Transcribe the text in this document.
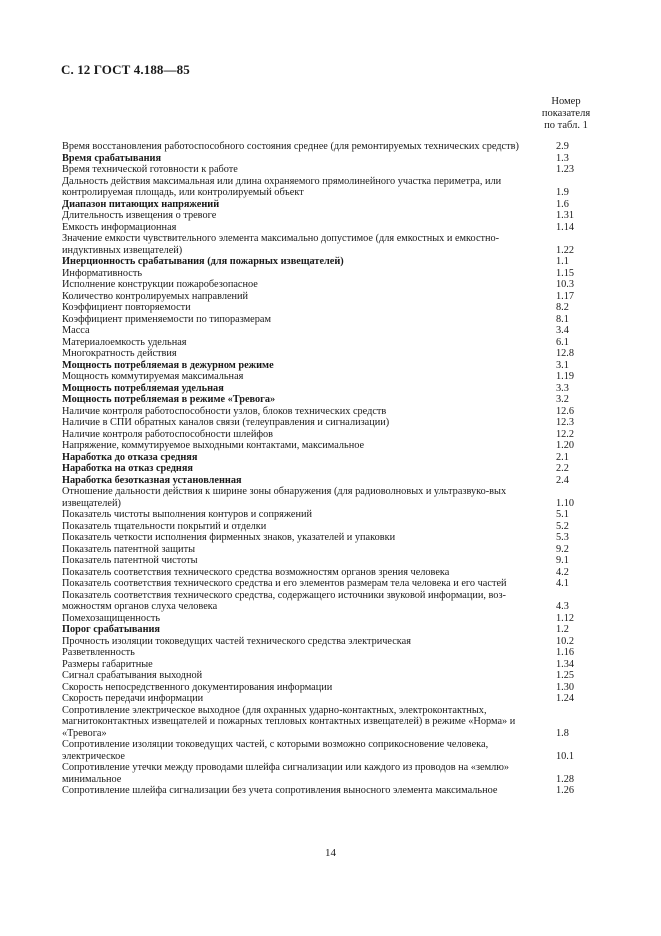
С. 12 ГОСТ 4.188—85
Номер
показателя
по табл. 1
Время восстановления работоспособного состояния среднее (для ремонтируемых технических средств)	2.9
Время срабатывания	1.3
Время технической готовности к работе	1.23
Дальность действия максимальная или длина охраняемого прямолинейного участка периметра, или контролируемая площадь, или контролируемый объект	1.9
Диапазон питающих напряжений	1.6
Длительность извещения о тревоге	1.31
Емкость информационная	1.14
Значение емкости чувствительного элемента максимально допустимое (для емкостных и емкостно-индуктивных извещателей)	1.22
Инерционность срабатывания (для пожарных извещателей)	1.1
Информативность	1.15
Исполнение конструкции пожаробезопасное	10.3
Количество контролируемых направлений	1.17
Коэффициент повторяемости	8.2
Коэффициент применяемости по типоразмерам	8.1
Масса	3.4
Материалоемкость удельная	6.1
Многократность действия	12.8
Мощность потребляемая в дежурном режиме	3.1
Мощность коммутируемая максимальная	1.19
Мощность потребляемая удельная	3.3
Мощность потребляемая в режиме «Тревога»	3.2
Наличие контроля работоспособности узлов, блоков технических средств	12.6
Наличие в СПИ обратных каналов связи (телеуправления и сигнализации)	12.3
Наличие контроля работоспособности шлейфов	12.2
Напряжение, коммутируемое выходными контактами, максимальное	1.20
Наработка до отказа средняя	2.1
Наработка на отказ средняя	2.2
Наработка безотказная установленная	2.4
Отношение дальности действия к ширине зоны обнаружения (для радиоволновых и ультразвуко-вых извещателей)	1.10
Показатель чистоты выполнения контуров и сопряжений	5.1
Показатель тщательности покрытий и отделки	5.2
Показатель четкости исполнения фирменных знаков, указателей и упаковки	5.3
Показатель патентной защиты	9.2
Показатель патентной чистоты	9.1
Показатель соответствия технического средства возможностям органов зрения человека	4.2
Показатель соответствия технического средства и его элементов размерам тела человека и его частей	4.1
Показатель соответствия технического средства, содержащего источники звуковой информации, воз-можностям органов слуха человека	4.3
Помехозащищенность	1.12
Порог срабатывания	1.2
Прочность изоляции токоведущих частей технического средства электрическая	10.2
Разветвленность	1.16
Размеры габаритные	1.34
Сигнал срабатывания выходной	1.25
Скорость непосредственного документирования информации	1.30
Скорость передачи информации	1.24
Сопротивление электрическое выходное (для охранных ударно-контактных, электроконтактных, магнитоконтактных извещателей и пожарных тепловых контактных извещателей) в режиме «Норма» и «Тревога»	1.8
Сопротивление изоляции токоведущих частей, с которыми возможно соприкосновение человека, электрическое	10.1
Сопротивление утечки между проводами шлейфа сигнализации или каждого из проводов на «землю» минимальное	1.28
Сопротивление шлейфа сигнализации без учета сопротивления выносного элемента максимальное	1.26
14
